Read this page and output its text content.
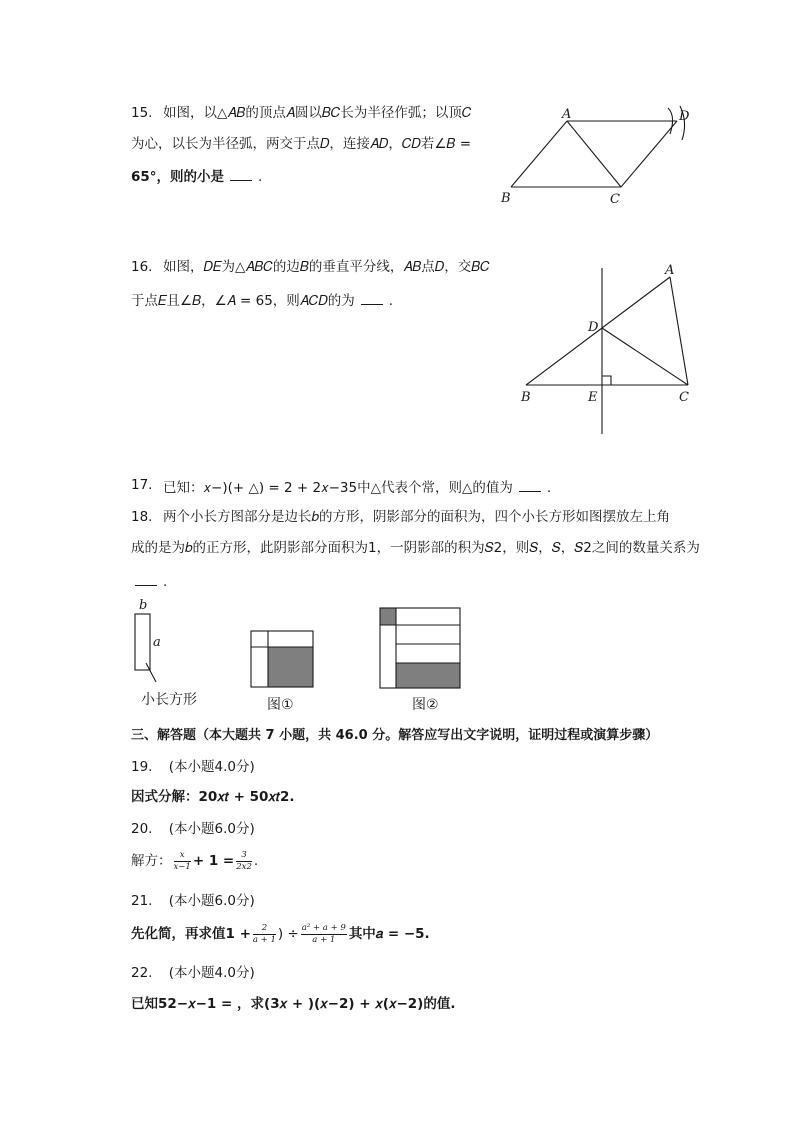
15. 如图，以△𝐴𝐵的顶点𝐴圆以𝐵𝐶长为半径作弧；以顶𝐶
为心，以长为半径弧，两交于点𝐷，连接𝐴𝐷，𝐶𝐷若∠𝐵 =
65°，则的小是	.
A
B	C
D
16. 如图，𝐷𝐸为△𝐴𝐵𝐶的边𝐵的垂直平分线，𝐴𝐵点𝐷，交𝐵𝐶
于点𝐸且∠𝐵，∠𝐴 = 65，则𝐴𝐶𝐷的为	.
A
D
B	E	C
17. 已知：𝑥−)(+ △) = 2 + 2𝑥−35中△代表个常，则△的值为	.
18. 两个小长方图部分是边长𝑏的方形，阴影部分的面积为，四个小长方形如图摆放左上角
成的是为𝑏的正方形，此阴影部分面积为1，一阴影部的积为𝑆2，则𝑆，𝑆，𝑆2之间的数量关系为
.
b
a
小长方形	图①	图②
三、解答题（本大题共 7 小题，共 46.0 分。解答应写出文字说明，证明过程或演算步骤）
19. (本小题4.0分)
因式分解：20𝑥𝑡 + 50𝑥𝑡2.
20. (本小题6.0分)
解方： $\frac{x}{x-1} + 1 = \frac{3}{2x2}$ .
21. (本小题6.0分)
先化简，再求值$1 + \frac{2}{a + 1}$ ) ÷ $\frac{\text{a² + a + 9}}{a + 1}$ 其中𝑎 = −5.
22. (本小题4.0分)
已知52−𝑥−1 = ，求(3𝑥 + )(𝑥−2) + 𝑥(𝑥−2)的值.
